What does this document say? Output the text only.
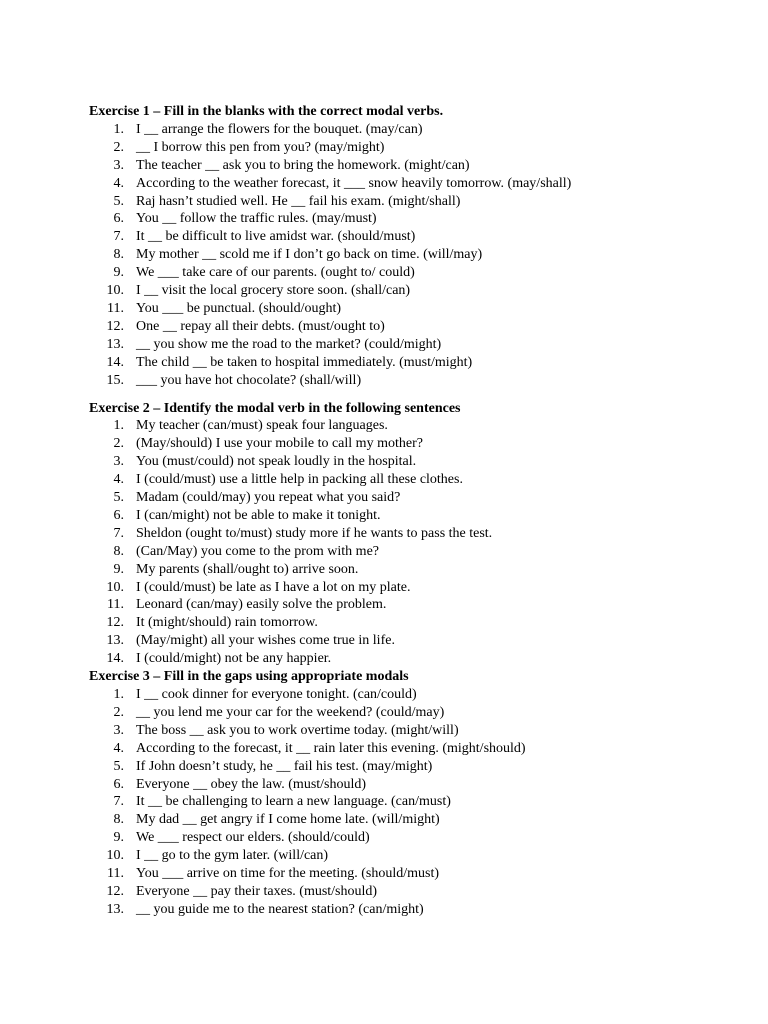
Exercise 1 – Fill in the blanks with the correct modal verbs.
1. I __ arrange the flowers for the bouquet. (may/can)
2. __ I borrow this pen from you? (may/might)
3. The teacher __ ask you to bring the homework. (might/can)
4. According to the weather forecast, it ___ snow heavily tomorrow. (may/shall)
5. Raj hasn’t studied well. He __ fail his exam. (might/shall)
6. You __ follow the traffic rules. (may/must)
7. It __ be difficult to live amidst war. (should/must)
8. My mother __ scold me if I don’t go back on time. (will/may)
9. We ___ take care of our parents. (ought to/ could)
10. I __ visit the local grocery store soon. (shall/can)
11. You ___ be punctual. (should/ought)
12. One __ repay all their debts. (must/ought to)
13. __ you show me the road to the market? (could/might)
14. The child __ be taken to hospital immediately. (must/might)
15. ___ you have hot chocolate? (shall/will)
Exercise 2 – Identify the modal verb in the following sentences
1. My teacher (can/must) speak four languages.
2. (May/should) I use your mobile to call my mother?
3. You (must/could) not speak loudly in the hospital.
4. I (could/must) use a little help in packing all these clothes.
5. Madam (could/may) you repeat what you said?
6. I (can/might) not be able to make it tonight.
7. Sheldon (ought to/must) study more if he wants to pass the test.
8. (Can/May) you come to the prom with me?
9. My parents (shall/ought to) arrive soon.
10. I (could/must) be late as I have a lot on my plate.
11. Leonard (can/may) easily solve the problem.
12. It (might/should) rain tomorrow.
13. (May/might) all your wishes come true in life.
14. I (could/might) not be any happier.
Exercise 3 – Fill in the gaps using appropriate modals
1. I __ cook dinner for everyone tonight. (can/could)
2. __ you lend me your car for the weekend? (could/may)
3. The boss __ ask you to work overtime today. (might/will)
4. According to the forecast, it __ rain later this evening. (might/should)
5. If John doesn’t study, he __ fail his test. (may/might)
6. Everyone __ obey the law. (must/should)
7. It __ be challenging to learn a new language. (can/must)
8. My dad __ get angry if I come home late. (will/might)
9. We ___ respect our elders. (should/could)
10. I __ go to the gym later. (will/can)
11. You ___ arrive on time for the meeting. (should/must)
12. Everyone __ pay their taxes. (must/should)
13. __ you guide me to the nearest station? (can/might)
